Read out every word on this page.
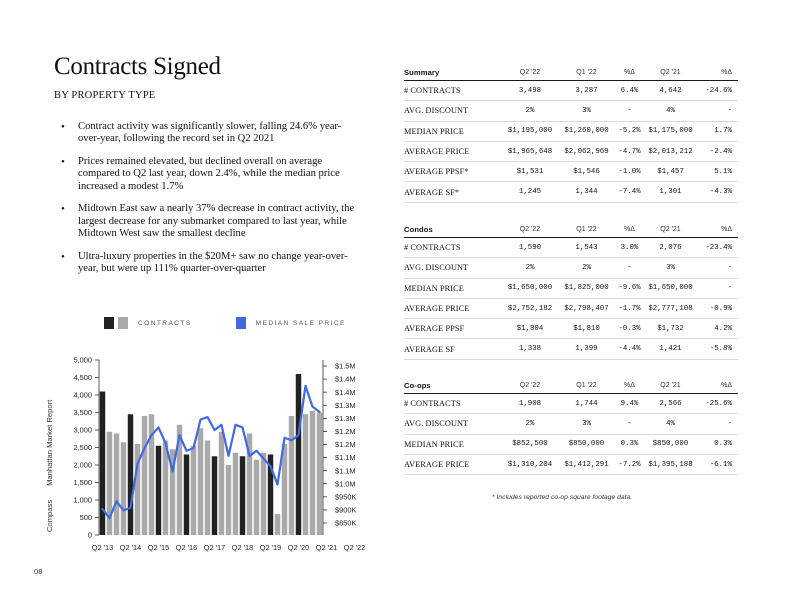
Contracts Signed
BY PROPERTY TYPE
• Contract activity was significantly slower, falling 24.6% year-over-year, following the record set in Q2 2021
• Prices remained elevated, but declined overall on average compared to Q2 last year, down 2.4%, while the median price increased a modest 1.7%
• Midtown East saw a nearly 37% decrease in contract activity, the largest decrease for any submarket compared to last year, while Midtown West saw the smallest decline
• Ultra-luxury properties in the $20M+ saw no change year-over-year, but were up 111% quarter-over-quarter
CONTRACTS	MEDIAN SALE PRICE
0
500
1,000
1,500
2,000
2,500
3,000
3,500
4,000
4,500
5,000
$850K
$900K
$950K
$1.0M
$1.1M
$1.1M
$1.2M
$1.2M
$1.3M
$1.3M
$1.4M
$1.4M
$1.5M
Q2 '13 Q2 '14 Q2 '15 Q2 '16 Q2 '17 Q2 '18 Q2 '19 Q2 '20 Q2 '21 Q2 '22
CompassManhattan Market Report
08
Summary	Q2 '22	Q1 '22	%Δ	Q2 '21	%Δ
# CONTRACTS	3,498	3,287	6.4%	4,642	-24.6%
AVG. DISCOUNT	2%	3%	-	4%	-
MEDIAN PRICE	$1,195,000	$1,260,000	-5.2%	$1,175,000	1.7%
AVERAGE PRICE	$1,965,648	$2,062,969	-4.7%	$2,013,212	-2.4%
AVERAGE PPSF*	$1,531	$1,546	-1.0%	$1,457	5.1%
AVERAGE SF*	1,245	1,344	-7.4%	1,301	-4.3%
Condos	Q2 '22	Q1 '22	%Δ	Q2 '21	%Δ
# CONTRACTS	1,590	1,543	3.0%	2,076	-23.4%
AVG. DISCOUNT	2%	2%	-	3%	-
MEDIAN PRICE	$1,650,000	$1,825,000	-9.6%	$1,650,000	-
AVERAGE PRICE	$2,752,182	$2,798,407	-1.7%	$2,777,108	-0.9%
AVERAGE PPSF	$1,804	$1,810	-0.3%	$1,732	4.2%
AVERAGE SF	1,338	1,399	-4.4%	1,421	-5.8%
Co-ops	Q2 '22	Q1 '22	%Δ	Q2 '21	%Δ
# CONTRACTS	1,908	1,744	9.4%	2,566	-25.6%
AVG. DISCOUNT	2%	3%	-	4%	-
MEDIAN PRICE	$852,500	$850,000	0.3%	$850,000	0.3%
AVERAGE PRICE	$1,310,204	$1,412,291	-7.2%	$1,395,188	-6.1%
* Includes reported co-op square footage data.
